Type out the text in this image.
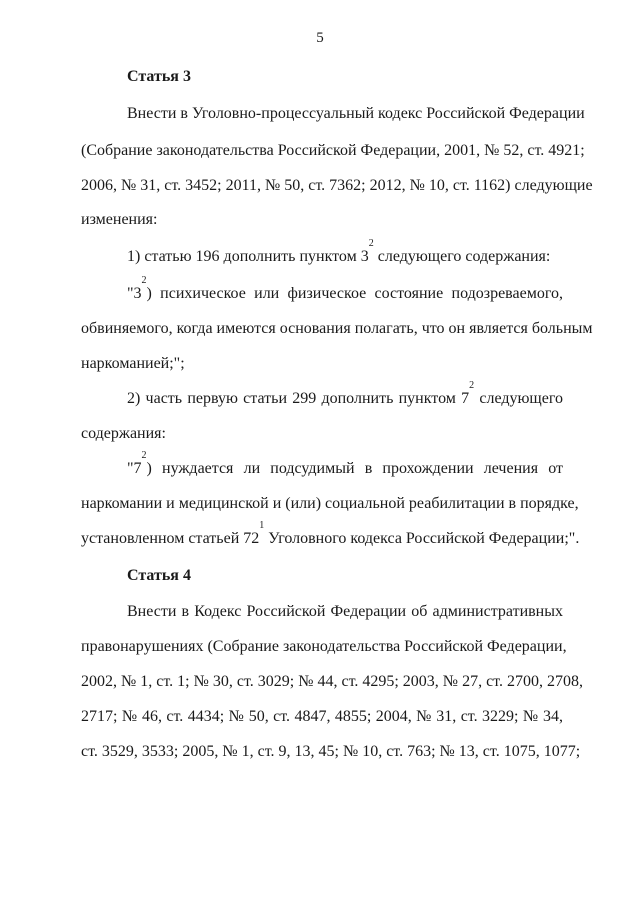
5
Статья 3
Внести в Уголовно-процессуальный кодекс Российской Федерации
(Собрание законодательства Российской Федерации, 2001, № 52, ст. 4921;
2006, № 31, ст. 3452; 2011, № 50, ст. 7362; 2012, № 10, ст. 1162) следующие
изменения:
1) статью 196 дополнить пунктом $3^2$ следующего содержания:
"$3^2$) психическое или физическое состояние подозреваемого,
обвиняемого, когда имеются основания полагать, что он является больным
наркоманией;";
2) часть первую статьи 299 дополнить пунктом $7^2$ следующего
содержания:
"$7^2$) нуждается ли подсудимый в прохождении лечения от
наркомании и медицинской и (или) социальной реабилитации в порядке,
установленном статьей $72^1$ Уголовного кодекса Российской Федерации;".
Статья 4
Внести в Кодекс Российской Федерации об административных
правонарушениях (Собрание законодательства Российской Федерации,
2002, № 1, ст. 1; № 30, ст. 3029; № 44, ст. 4295; 2003, № 27, ст. 2700, 2708,
2717; № 46, ст. 4434; № 50, ст. 4847, 4855; 2004, № 31, ст. 3229; № 34,
ст. 3529, 3533; 2005, № 1, ст. 9, 13, 45; № 10, ст. 763; № 13, ст. 1075, 1077;
